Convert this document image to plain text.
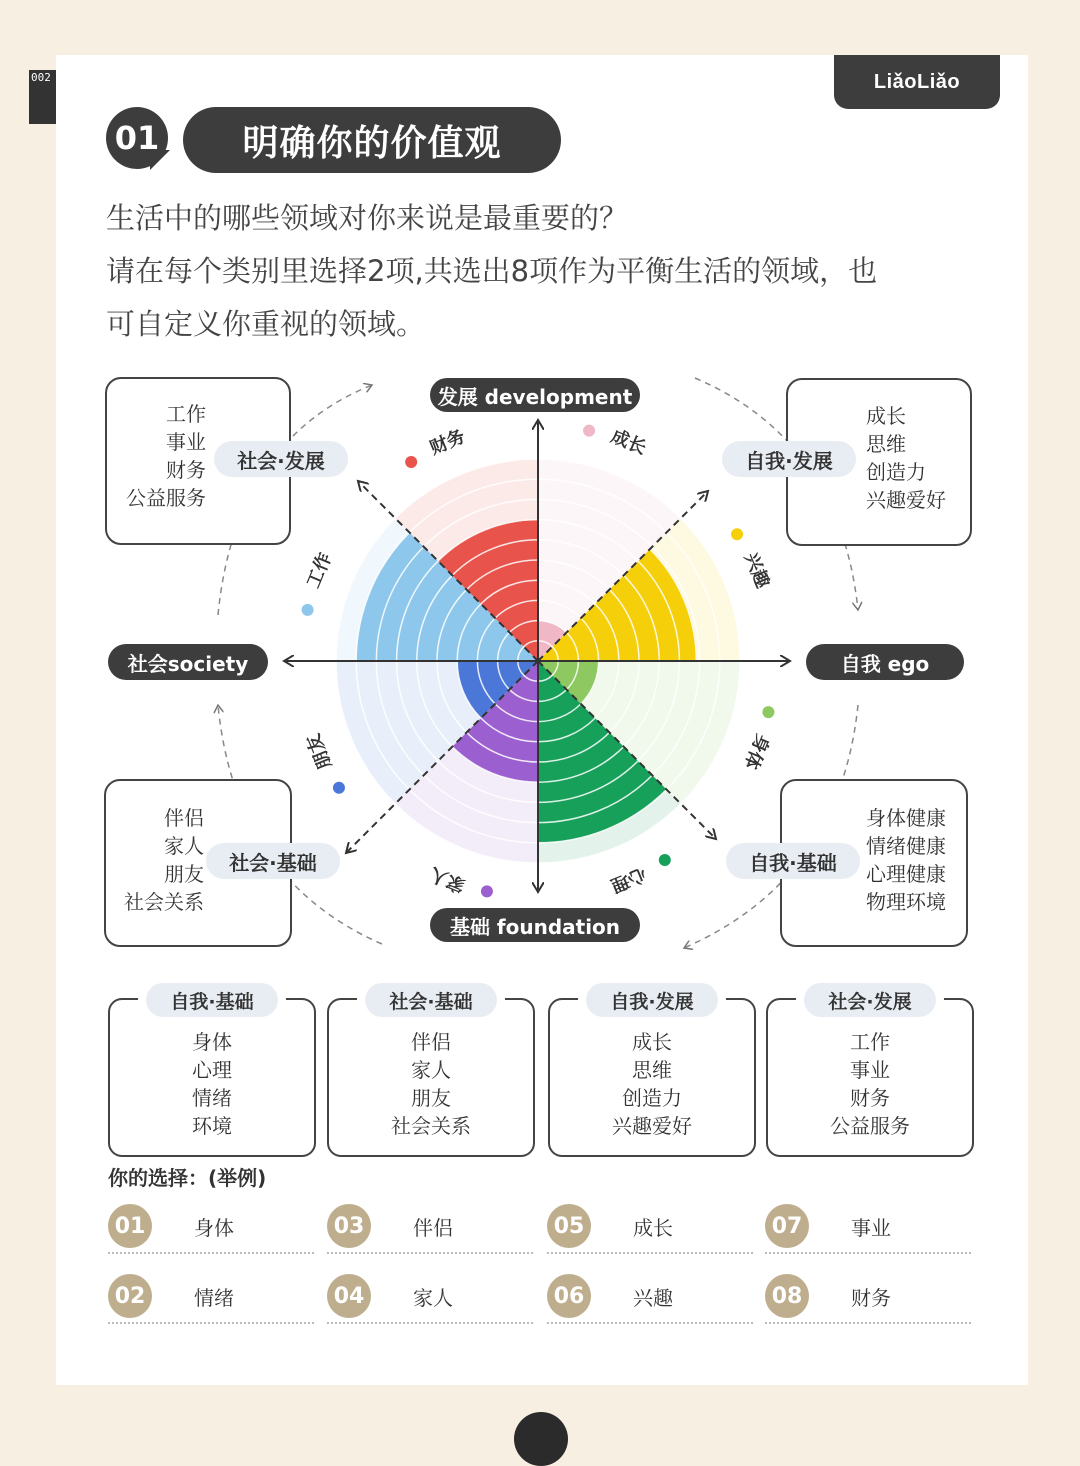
002	LiǎoLiǎo
01	明确你的价值观
生活中的哪些领域对你来说是最重要的？
请在每个类别里选择2项,共选出8项作为平衡生活的领域，也
可自定义你重视的领域。
成长
兴趣
身体
心理
家人
朋友
工作
财务
发展 development
基础 foundation
社会society	自我 ego
工作
事业
财务
公益服务
社会·发展
成长
思维
创造力
兴趣爱好
自我·发展
伴侣
家人
朋友
社会关系
社会·基础
身体健康
情绪健康
心理健康
物理环境
自我·基础
自我·基础
身体
心理
情绪
环境
社会·基础
伴侣
家人
朋友
社会关系
自我·发展
成长
思维
创造力
兴趣爱好
社会·发展
工作
事业
财务
公益服务
你的选择：(举例)
01	身体
02	情绪
03	伴侣
04	家人
05	成长
06	兴趣
07	事业
08	财务
